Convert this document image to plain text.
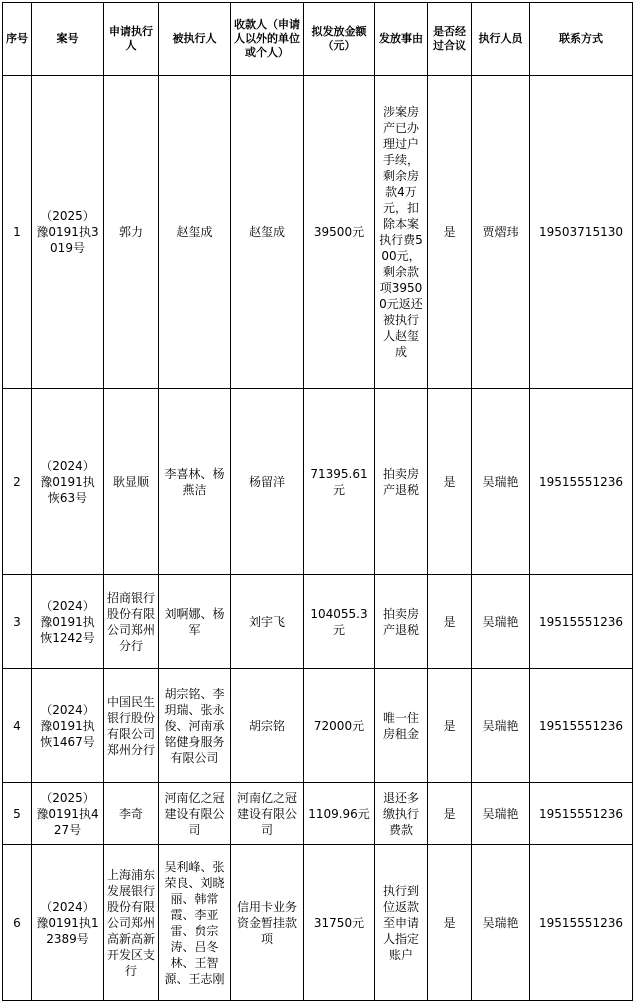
序号	案号	申请执行人	被执行人	收款人（申请人以外的单位或个人）	拟发放金额（元）	发放事由	是否经过合议	执行人员	联系方式
1	（2025）豫0191执3019号	郭力	赵玺成	赵玺成	39500元	涉案房产已办理过户手续，剩余房款4万元，扣除本案执行费500元，剩余款项39500元返还被执行人赵玺成	是	贾熠玮	19503715130
2	（2024）豫0191执恢63号	耿显顺	李喜林、杨燕洁	杨留洋	71395.61元	拍卖房产退税	是	吴瑞艳	19515551236
3	（2024）豫0191执恢1242号	招商银行股份有限公司郑州分行	刘啊娜、杨军	刘宇飞	104055.3元	拍卖房产退税	是	吴瑞艳	19515551236
4	（2024）豫0191执恢1467号	中国民生银行股份有限公司郑州分行	胡宗铭、李玥瑞、张永俊、河南承铭健身服务有限公司	胡宗铭	72000元	唯一住房租金	是	吴瑞艳	19515551236
5	（2025）豫0191执427号	李奇	河南亿之冠建设有限公司	河南亿之冠建设有限公司	1109.96元	退还多缴执行费款	是	吴瑞艳	19515551236
6	（2024）豫0191执12389号	上海浦东发展银行股份有限公司郑州高新高新开发区支行	吴利峰、张荣良、刘晓丽、韩常霞、李亚雷、贠宗涛、吕冬林、王智源、王志刚	信用卡业务资金暂挂款项	31750元	执行到位返款至申请人指定账户	是	吴瑞艳	19515551236
